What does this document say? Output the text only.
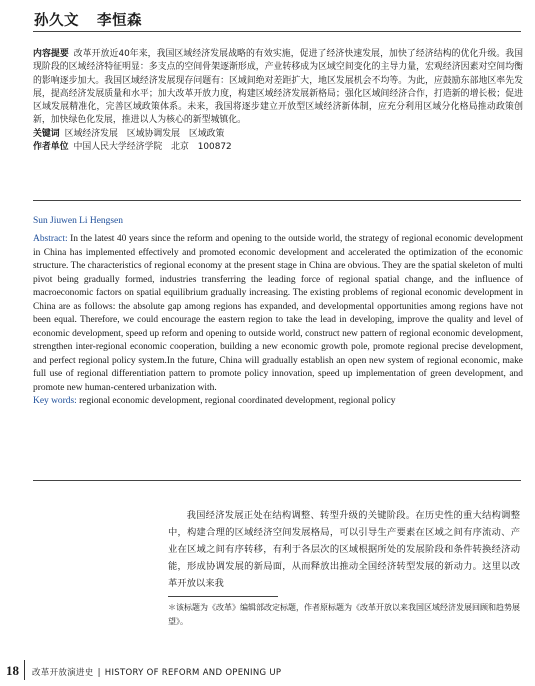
孙久文 李恒森

内容提要 改革开放近40年来，我国区域经济发展战略的有效实施，促进了经济快速发展，加快了经济结构的优化升级。我国现阶段的区域经济特征明显：多支点的空间骨架逐渐形成，产业转移成为区域空间变化的主导力量，宏观经济因素对空间均衡的影响逐步加大。我国区域经济发展现存问题有：区域间绝对差距扩大，地区发展机会不均等。为此，应鼓励东部地区率先发展，提高经济发展质量和水平；加大改革开放力度，构建区域经济发展新格局；强化区域间经济合作，打造新的增长极；促进区域发展精准化，完善区域政策体系。未来，我国将逐步建立开放型区域经济新体制，应充分利用区域分化格局推动政策创新，加快绿色化发展，推进以人为核心的新型城镇化。

关键词 区域经济发展　区域协调发展　区域政策

作者单位 中国人民大学经济学院　北京　100872

Sun Jiuwen Li Hengsen

Abstract: In the latest 40 years since the reform and opening to the outside world, the strategy of regional economic development in China has implemented effectively and promoted economic development and accelerated the optimization of the economic structure. The characteristics of regional economy at the present stage in China are obvious. They are the spatial skeleton of multi pivot being gradually formed, industries transferring the leading force of regional spatial change, and the influence of macroeconomic factors on spatial equilibrium gradually increasing. The existing problems of regional economic development in China are as follows: the absolute gap among regions has expanded, and developmental opportunities among regions have not been equal. Therefore, we could encourage the eastern region to take the lead in developing, improve the quality and level of economic development, speed up reform and opening to outside world, construct new pattern of regional economic development, strengthen inter-regional economic cooperation, building a new economic growth pole, promote regional precise development, and perfect regional policy system.In the future, China will gradually establish an open new system of regional economic, make full use of regional differentiation pattern to promote policy innovation, speed up implementation of green development, and promote new human-centered urbanization with.

Key words: regional economic development, regional coordinated development, regional policy

我国经济发展正处在结构调整、转型升级的关键阶段。在历史性的重大结构调整中，构建合理的区域经济空间发展格局，可以引导生产要素在区域之间有序流动、产业在区域之间有序转移，有利于各层次的区域根据所处的发展阶段和条件转换经济动能，形成协调发展的新局面，从而释放出推动全国经济转型发展的新动力。这里以改革开放以来我

＊该标题为《改革》编辑部改定标题，作者原标题为《改革开放以来我国区域经济发展回顾和趋势展望》。

18 改革开放演进史 | HISTORY OF REFORM AND OPENING UP
